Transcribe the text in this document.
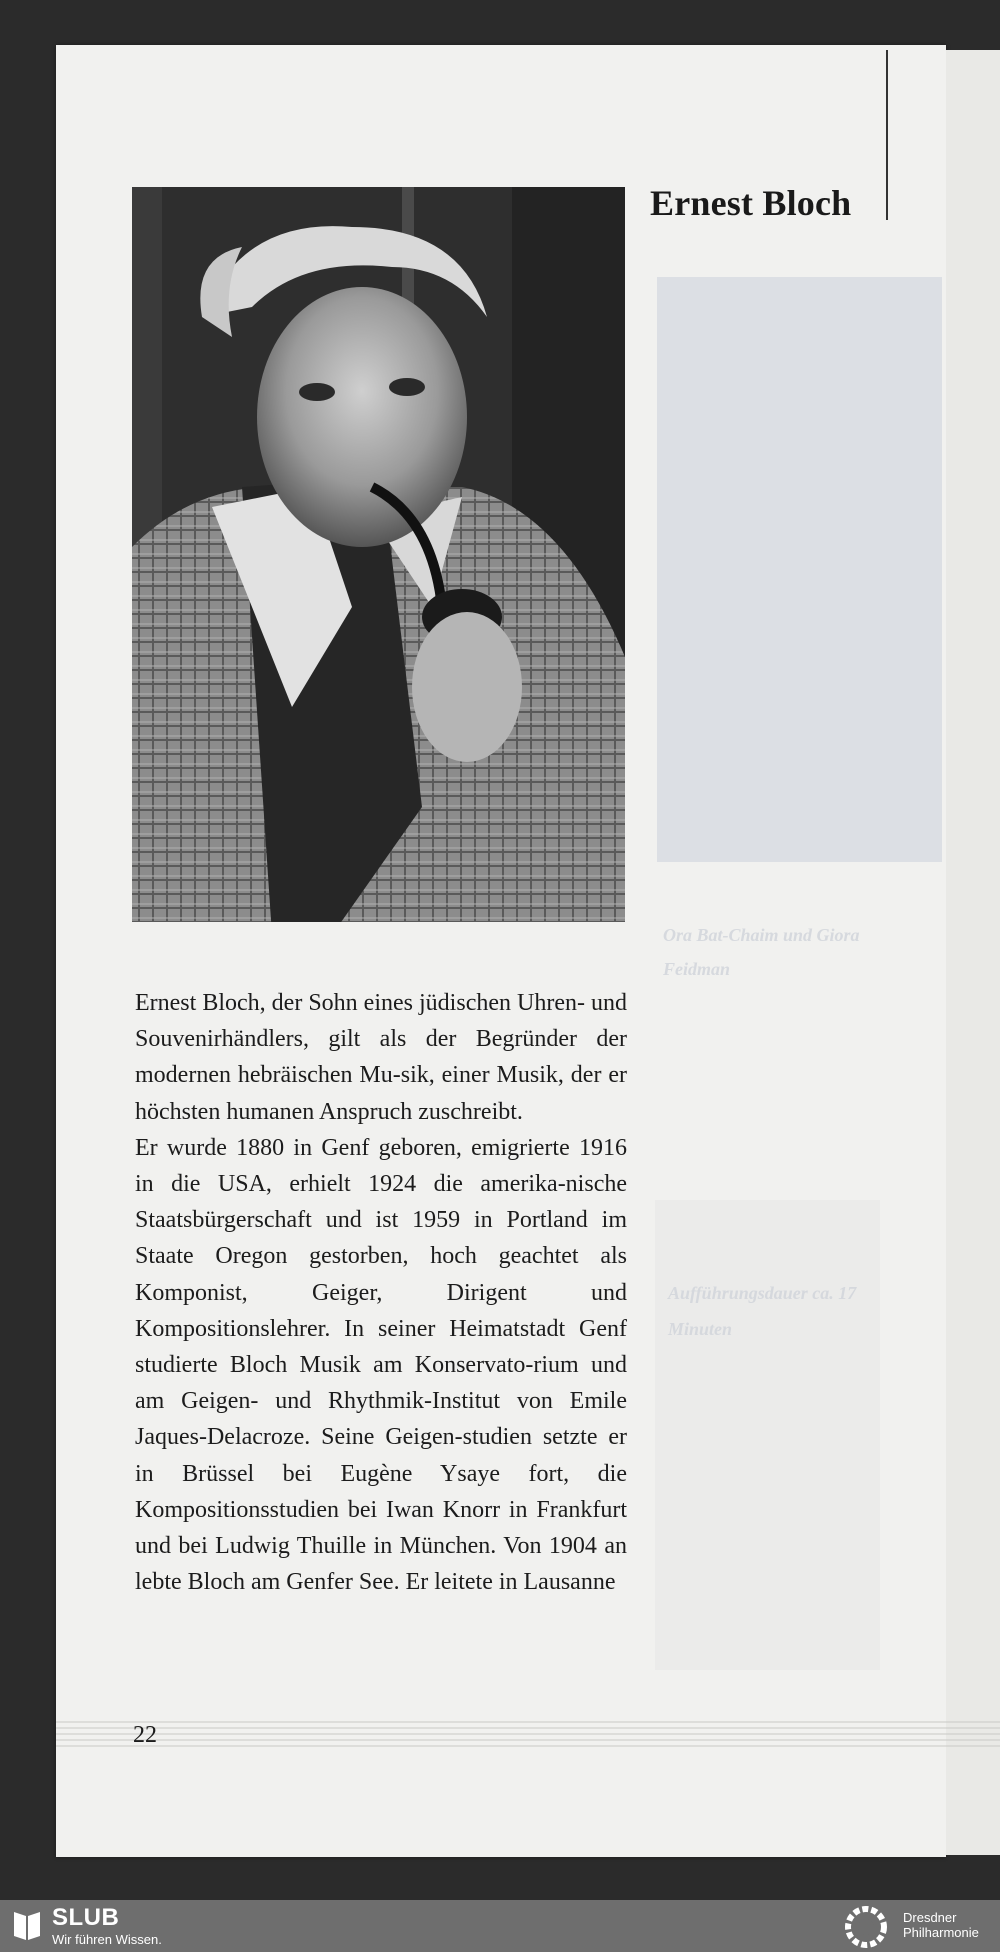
Ora Bat-Chaim und Giora Feidman
Aufführungsdauer ca. 17 Minuten
Ernest Bloch

Ernest Bloch, der Sohn eines jüdischen Uhren- und Souvenirhändlers, gilt als der Begründer der modernen hebräischen Mu-sik, einer Musik, der er höchsten humanen Anspruch zuschreibt.

Er wurde 1880 in Genf geboren, emigrierte 1916 in die USA, erhielt 1924 die amerika-nische Staatsbürgerschaft und ist 1959 in Portland im Staate Oregon gestorben, hoch geachtet als Komponist, Geiger, Dirigent und Kompositionslehrer. In seiner Heimatstadt Genf studierte Bloch Musik am Konservato-rium und am Geigen- und Rhythmik-Institut von Emile Jaques-Delacroze. Seine Geigen-studien setzte er in Brüssel bei Eugène Ysaye fort, die Kompositionsstudien bei Iwan Knorr in Frankfurt und bei Ludwig Thuille in München. Von 1904 an lebte Bloch am Genfer See. Er leitete in Lausanne

22
SLUB
Wir führen Wissen.
Dresdner
Philharmonie
